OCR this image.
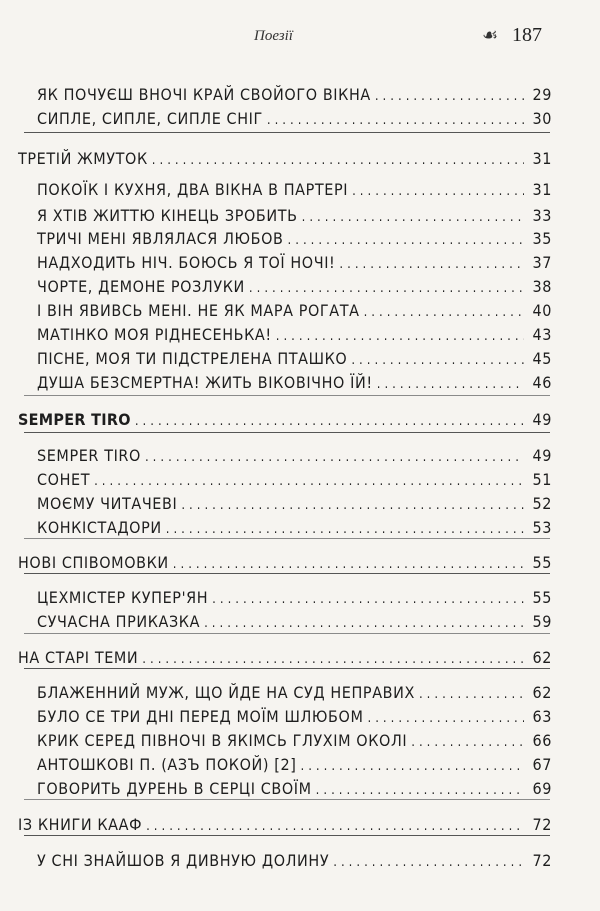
Поезії	☙ 187
ЯК ПОЧУЄШ ВНОЧІ КРАЙ СВОЙОГО ВІКНА .....	29
СИПЛЕ, СИПЛЕ, СИПЛЕ СНІГ .....	30
ТРЕТІЙ ЖМУТОК .....	31
ПОКОЇК І КУХНЯ, ДВА ВІКНА В ПАРТЕРІ .....	31
Я ХТІВ ЖИТТЮ КІНЕЦЬ ЗРОБИТЬ .....	33
ТРИЧІ МЕНІ ЯВЛЯЛАСЯ ЛЮБОВ .....	35
НАДХОДИТЬ НІЧ. БОЮСЬ Я ТОЇ НОЧІ! .....	37
ЧОРТЕ, ДЕМОНЕ РОЗЛУКИ .....	38
І ВІН ЯВИВСЬ МЕНІ. НЕ ЯК МАРА РОГАТА .....	40
МАТІНКО МОЯ РІДНЕСЕНЬКА! .....	43
ПІСНЕ, МОЯ ТИ ПІДСТРЕЛЕНА ПТАШКО .....	45
ДУША БЕЗСМЕРТНА! ЖИТЬ ВІКОВІЧНО ЇЙ! .....	46
SEMPER TIRO .....	49
SEMPER TIRO .....	49
СОНЕТ .....	51
МОЄМУ ЧИТАЧЕВІ .....	52
КОНКІСТАДОРИ .....	53
НОВІ СПІВОМОВКИ .....	55
ЦЕХМІСТЕР КУПЕР'ЯН .....	55
СУЧАСНА ПРИКАЗКА .....	59
НА СТАРІ ТЕМИ .....	62
БЛАЖЕННИЙ МУЖ, ЩО ЙДЕ НА СУД НЕПРАВИХ .....	62
БУЛО СЕ ТРИ ДНІ ПЕРЕД МОЇМ ШЛЮБОМ .....	63
КРИК СЕРЕД ПІВНОЧІ В ЯКІМСЬ ГЛУХІМ ОКОЛІ .....	66
АНТОШКОВІ П. (АЗЪ ПОКОЙ) [2] .....	67
ГОВОРИТЬ ДУРЕНЬ В СЕРЦІ СВОЇМ .....	69
ІЗ КНИГИ КААФ .....	72
У СНІ ЗНАЙШОВ Я ДИВНУЮ ДОЛИНУ .....	72
